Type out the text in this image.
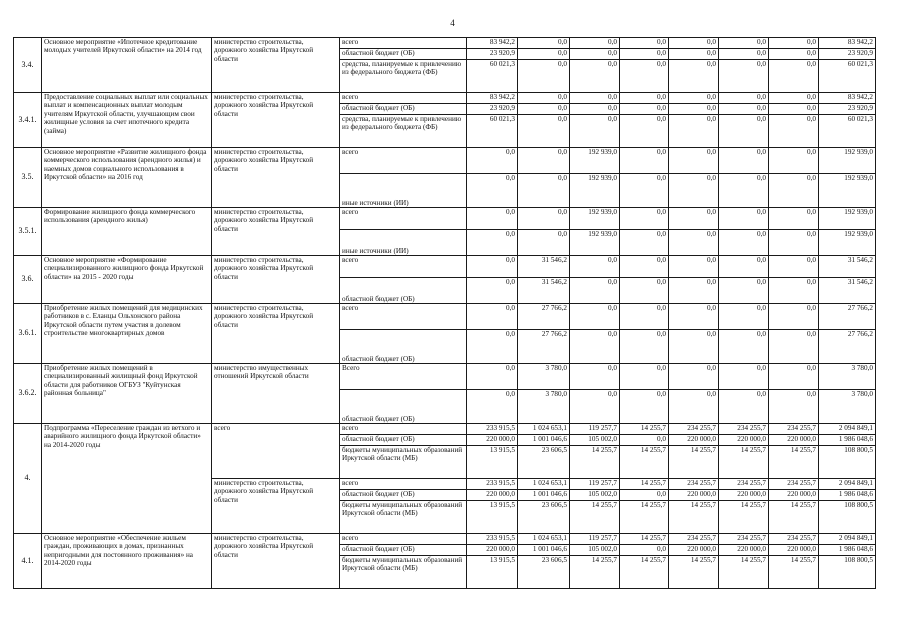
4
3.4.	Основное мероприятие «Ипотечное кредитование молодых учителей Иркутской области» на 2014 год	министерство строительства, дорожного хозяйства Иркутской области	всего	83 942,2	0,0	0,0	0,0	0,0	0,0	0,0	83 942,2
			областной бюджет (ОБ)	23 920,9	0,0	0,0	0,0	0,0	0,0	0,0	23 920,9
			средства, планируемые к привлечению из федерального бюджета (ФБ)	60 021,3	0,0	0,0	0,0	0,0	0,0	0,0	60 021,3
3.4.1.	Предоставление социальных выплат или социальных выплат и компенсационных выплат молодым учителям Иркутской области, улучшающим свои жилищные условия за счет ипотечного кредита (займа)	министерство строительства, дорожного хозяйства Иркутской области	всего	83 942,2	0,0	0,0	0,0	0,0	0,0	0,0	83 942,2
			областной бюджет (ОБ)	23 920,9	0,0	0,0	0,0	0,0	0,0	0,0	23 920,9
			средства, планируемые к привлечению из федерального бюджета (ФБ)	60 021,3	0,0	0,0	0,0	0,0	0,0	0,0	60 021,3
3.5.	Основное мероприятие «Развитие жилищного фонда коммерческого использования (арендного жилья) и наемных домов социального использования в Иркутской области» на 2016 год	министерство строительства, дорожного хозяйства Иркутской области	всего	0,0	0,0	192 939,0	0,0	0,0	0,0	0,0	192 939,0
			иные источники (ИИ)	0,0	0,0	192 939,0	0,0	0,0	0,0	0,0	192 939,0
3.5.1.	Формирование жилищного фонда коммерческого использования (арендного жилья)	министерство строительства, дорожного хозяйства Иркутской области	всего	0,0	0,0	192 939,0	0,0	0,0	0,0	0,0	192 939,0
			иные источники (ИИ)	0,0	0,0	192 939,0	0,0	0,0	0,0	0,0	192 939,0
3.6.	Основное мероприятие «Формирование специализированного жилищного фонда Иркутской области» на 2015 - 2020 годы	министерство строительства, дорожного хозяйства Иркутской области	всего	0,0	31 546,2	0,0	0,0	0,0	0,0	0,0	31 546,2
			областной бюджет (ОБ)	0,0	31 546,2	0,0	0,0	0,0	0,0	0,0	31 546,2
3.6.1.	Приобретение жилых помещений для медицинских работников в с. Еланцы Ольхонского района Иркутской области путем участия в долевом строительстве многоквартирных домов	министерство строительства, дорожного хозяйства Иркутской области	всего	0,0	27 766,2	0,0	0,0	0,0	0,0	0,0	27 766,2
			областной бюджет (ОБ)	0,0	27 766,2	0,0	0,0	0,0	0,0	0,0	27 766,2
3.6.2.	Приобретение жилых помещений в специализированный жилищный фонд Иркутской области для работников ОГБУЗ "Куйтунская районная больница"	министерство имущественных отношений Иркутской области	Всего	0,0	3 780,0	0,0	0,0	0,0	0,0	0,0	3 780,0
			областной бюджет (ОБ)	0,0	3 780,0	0,0	0,0	0,0	0,0	0,0	3 780,0
4.	Подпрограмма «Переселение граждан из ветхого и аварийного жилищного фонда Иркутской области» на 2014-2020 годы	всего	всего	233 915,5	1 024 653,1	119 257,7	14 255,7	234 255,7	234 255,7	234 255,7	2 094 849,1
			областной бюджет (ОБ)	220 000,0	1 001 046,6	105 002,0	0,0	220 000,0	220 000,0	220 000,0	1 986 048,6
			бюджеты муниципальных образований Иркутской области (МБ)	13 915,5	23 606,5	14 255,7	14 255,7	14 255,7	14 255,7	14 255,7	108 800,5
		министерство строительства, дорожного хозяйства Иркутской области	всего	233 915,5	1 024 653,1	119 257,7	14 255,7	234 255,7	234 255,7	234 255,7	2 094 849,1
			областной бюджет (ОБ)	220 000,0	1 001 046,6	105 002,0	0,0	220 000,0	220 000,0	220 000,0	1 986 048,6
			бюджеты муниципальных образований Иркутской области (МБ)	13 915,5	23 606,5	14 255,7	14 255,7	14 255,7	14 255,7	14 255,7	108 800,5
4.1.	Основное мероприятие «Обеспечение жильем граждан, проживающих в домах, признанных непригодными для постоянного проживания» на 2014-2020 годы	министерство строительства, дорожного хозяйства Иркутской области	всего	233 915,5	1 024 653,1	119 257,7	14 255,7	234 255,7	234 255,7	234 255,7	2 094 849,1
			областной бюджет (ОБ)	220 000,0	1 001 046,6	105 002,0	0,0	220 000,0	220 000,0	220 000,0	1 986 048,6
			бюджеты муниципальных образований Иркутской области (МБ)	13 915,5	23 606,5	14 255,7	14 255,7	14 255,7	14 255,7	14 255,7	108 800,5
